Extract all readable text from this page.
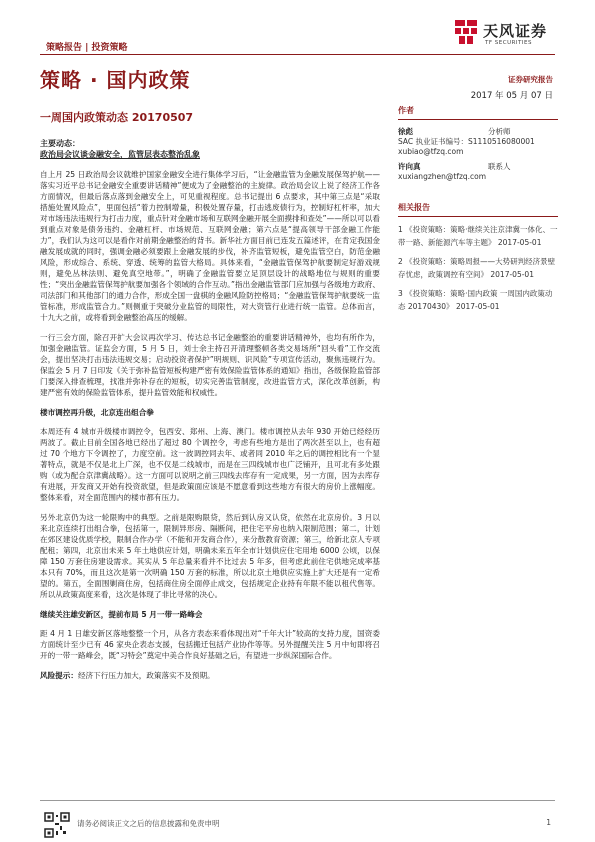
天风证券
TF SECURITIES
策略报告 | 投资策略
策略 · 国内政策	证券研究报告
2017 年 05 月 07 日
一周国内政策动态 20170507
主要动态：
政治局会议谈金融安全，监管层表态整治乱象

自上月 25 日政治局会议就维护国家金融安全进行集体学习后，“让金融监管为金融发展保驾护航——落实习近平总书记金融安全重要讲话精神”便成为了金融整治的主旋律。政治局会议上说了经济工作各方面情况，但最后落点落到金融安全上，可见重视程度。总书记提出 6 点要求，其中第三点是“采取措施处置风险点”，里面包括“着力控制增量，积极处置存量，打击逃废债行为，控制好杠杆率，加大对市场违法违规行为打击力度，重点针对金融市场和互联网金融开展全面摸排和查处”——所以可以看到重点对象是债务违约、金融杠杆、市场规范、互联网金融；第六点是“提高领导干部金融工作能力”，我们认为这可以是看作对前期金融整治的背书。新华社方面目前已连发五篇述评，在肯定我国金融发展成就的同时，强调金融必须要跟上金融发展的步伐，补齐监管短板，避免监管空白，防范金融风险，形成综合、系统、穿透、统筹的监管大格局。具体来看，“金融监管保驾护航要制定好游戏规则，避免丛林法则、避免真空地带。”，明确了金融监管要立足顶层设计的战略地位与规则的重要性；“突出金融监管保驾护航要加强各个领域的合作互动。”指出金融监管部门应加强与各级地方政府、司法部门和其他部门的通力合作，形成全国一盘棋的金融风险防控格局；“金融监管保驾护航要统一监管标准，形成监管合力。”则侧重于突破分业监管的局限性，对大资管行业进行统一监管。总体而言，十九大之前，或将看到金融整治高压的缓解。

一行三会方面，除召开扩大会议再次学习、传达总书记金融整治的重要讲话精神外，也均有所作为，加强金融监管。证监会方面，5 月 5 日，刘士余主持召开清理整顿各类交易场所“回头看”工作交流会，提出坚决打击违法违规交易；启动投资者保护”明规则、识风险”专项宣传活动，聚焦违规行为。保监会 5 月 7 日印发《关于弥补监管短板构建严密有效保险监管体系的通知》指出，各级保险监管部门要深入排查梳理，找准并弥补存在的短板，切实完善监管制度，改进监管方式，深化改革创新，构建严密有效的保险监管体系，提升监管效能和权威性。

楼市调控再升级，北京连出组合拳

本周还有 4 城市升级楼市调控令，包西安、郑州、上海、澳门。楼市调控从去年 930 开始已经经历两波了。截止目前全国各地已经出了超过 80 个调控令，考虑有些地方是出了两次甚至以上，也有超过 70 个地方下令调控了，力度空前。这一波调控同去年、或者同 2010 年之后的调控相比有一个显著特点，就是不仅是北上广深，也不仅是二线城市，而是在三四线城市也广泛铺开，且可北有多处跟购（或为配合京津冀战略）。这一方面可以说明之前三四线去库存有一定成果，另一方面，因为去库存有进展，开发商又开始有投资欲望，但是政策面应该是不愿意看到这些地方有很大的房价上涨幅度。整体来看，对全面范围内的楼市都有压力。

另外北京仍为这一轮限购中的典型。之前是限购限贷，然后到认房又认贷，依然在北京房价。3 月以来北京连续打出组合拳，包括第一，限制异形房、隔断间，把住宅平房也纳入限制范围；第二，计划在郊区建设优质学校，限制合作办学（不能和开发商合作），来分散教育资源；第三，给新北京人专项配租；第四，北京出未来 5 年土地供应计划，明确未来五年全市计划供应住宅用地 6000 公顷，以保障 150 万套住房建设需求。其实从 5 年总量来看并不比过去 5 年多，但考虑此前住宅供地完成率基本只有 70%，而且这次是第一次明确 150 万套的标准，所以北京土地供应实施上扩大还是有一定希望的。第五，全面围剿商住房，包括商住房全面停止成交，包括规定企业持有年限不能以租代售等。所以从政策高度来看，这次是体现了非比寻常的决心。

继续关注雄安新区，提前布局 5 月一带一路峰会

距 4 月 1 日雄安新区落地整整一个月，从各方表态来看体现出对“千年大计”较高的支持力度，国资委方面统计至少已有 46 家央企表态支援，包括搬迁包括产业协作等等。另外提醒关注 5 月中旬即将召开的一带一路峰会，既“习特会”奠定中美合作良好基础之后，有望进一步纵深国际合作。

风险提示：经济下行压力加大，政策落实不及预期。

作者
徐彪	分析师
SAC 执业证书编号：S1110516080001
xubiao@tfzq.com
许向真	联系人
xuxiangzhen@tfzq.com
相关报告
1 《投资策略：策略·继续关注京津冀一体化、一带一路、新能源汽车等主题》 2017-05-01
2 《投资策略：策略周报——大势研判经济景壁存忧虑，政策调控有空间》 2017-05-01
3 《投资策略：策略·国内政策 一周国内政策动态 20170430》 2017-05-01
请务必阅读正文之后的信息披露和免责申明	1
